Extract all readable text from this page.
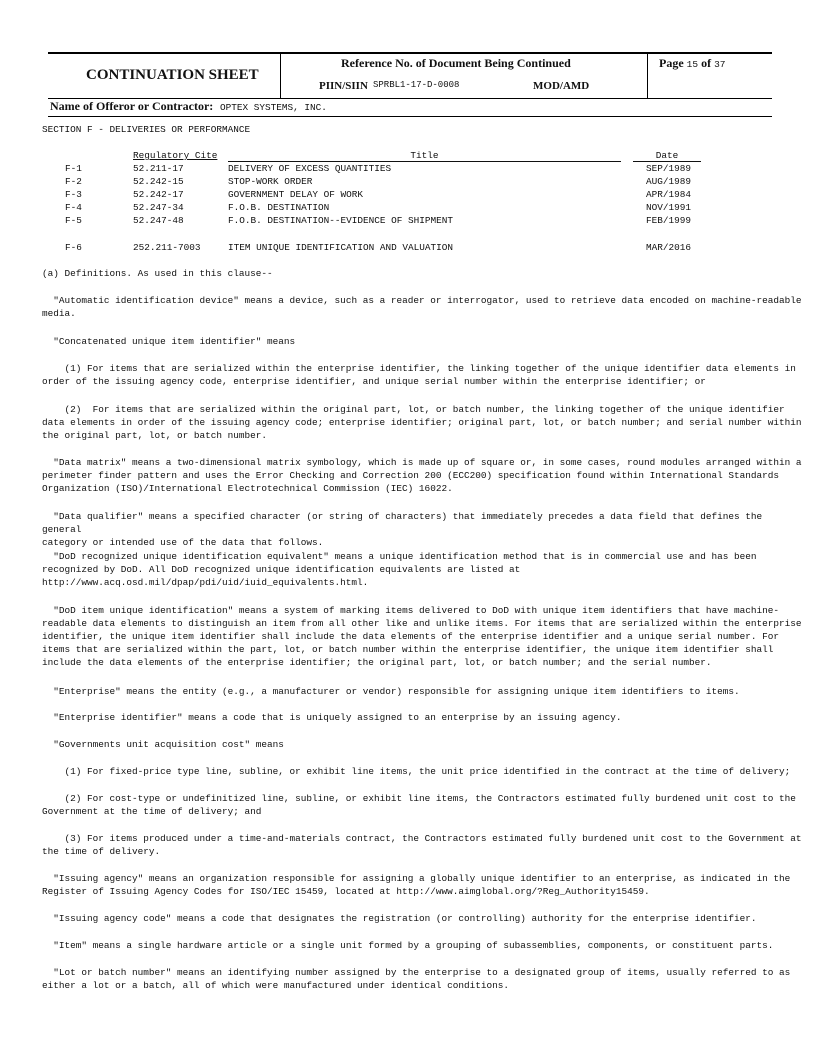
CONTINUATION SHEET
Reference No. of Document Being Continued
PIIN/SIIN SPRBL1-17-D-0008	MOD/AMD
Page 15 of 37
Name of Offeror or Contractor: OPTEX SYSTEMS, INC.
SECTION F - DELIVERIES OR PERFORMANCE
Regulatory Cite	Title	Date
F-1	52.211-17	DELIVERY OF EXCESS QUANTITIES	SEP/1989
F-2	52.242-15	STOP-WORK ORDER	AUG/1989
F-3	52.242-17	GOVERNMENT DELAY OF WORK	APR/1984
F-4	52.247-34	F.O.B. DESTINATION	NOV/1991
F-5	52.247-48	F.O.B. DESTINATION--EVIDENCE OF SHIPMENT	FEB/1999
F-6	252.211-7003	ITEM UNIQUE IDENTIFICATION AND VALUATION	MAR/2016

(a) Definitions. As used in this clause--

"Automatic identification device" means a device, such as a reader or interrogator, used to retrieve data encoded on machine-readable
media.

"Concatenated unique item identifier" means

(1) For items that are serialized within the enterprise identifier, the linking together of the unique identifier data elements in
order of the issuing agency code, enterprise identifier, and unique serial number within the enterprise identifier; or

(2)  For items that are serialized within the original part, lot, or batch number, the linking together of the unique identifier
data elements in order of the issuing agency code; enterprise identifier; original part, lot, or batch number; and serial number within
the original part, lot, or batch number.

"Data matrix" means a two-dimensional matrix symbology, which is made up of square or, in some cases, round modules arranged within a
perimeter finder pattern and uses the Error Checking and Correction 200 (ECC200) specification found within International Standards
Organization (ISO)/International Electrotechnical Commission (IEC) 16022.

"Data qualifier" means a specified character (or string of characters) that immediately precedes a data field that defines the general
category or intended use of the data that follows.

"DoD recognized unique identification equivalent" means a unique identification method that is in commercial use and has been
recognized by DoD. All DoD recognized unique identification equivalents are listed at
http://www.acq.osd.mil/dpap/pdi/uid/iuid_equivalents.html.

"DoD item unique identification" means a system of marking items delivered to DoD with unique item identifiers that have machine-
readable data elements to distinguish an item from all other like and unlike items. For items that are serialized within the enterprise
identifier, the unique item identifier shall include the data elements of the enterprise identifier and a unique serial number. For
items that are serialized within the part, lot, or batch number within the enterprise identifier, the unique item identifier shall
include the data elements of the enterprise identifier; the original part, lot, or batch number; and the serial number.

"Enterprise" means the entity (e.g., a manufacturer or vendor) responsible for assigning unique item identifiers to items.

"Enterprise identifier" means a code that is uniquely assigned to an enterprise by an issuing agency.

"Governments unit acquisition cost" means

(1) For fixed-price type line, subline, or exhibit line items, the unit price identified in the contract at the time of delivery;

(2) For cost-type or undefinitized line, subline, or exhibit line items, the Contractors estimated fully burdened unit cost to the
Government at the time of delivery; and

(3) For items produced under a time-and-materials contract, the Contractors estimated fully burdened unit cost to the Government at
the time of delivery.

"Issuing agency" means an organization responsible for assigning a globally unique identifier to an enterprise, as indicated in the
Register of Issuing Agency Codes for ISO/IEC 15459, located at http://www.aimglobal.org/?Reg_Authority15459.

"Issuing agency code" means a code that designates the registration (or controlling) authority for the enterprise identifier.

"Item" means a single hardware article or a single unit formed by a grouping of subassemblies, components, or constituent parts.

"Lot or batch number" means an identifying number assigned by the enterprise to a designated group of items, usually referred to as
either a lot or a batch, all of which were manufactured under identical conditions.
